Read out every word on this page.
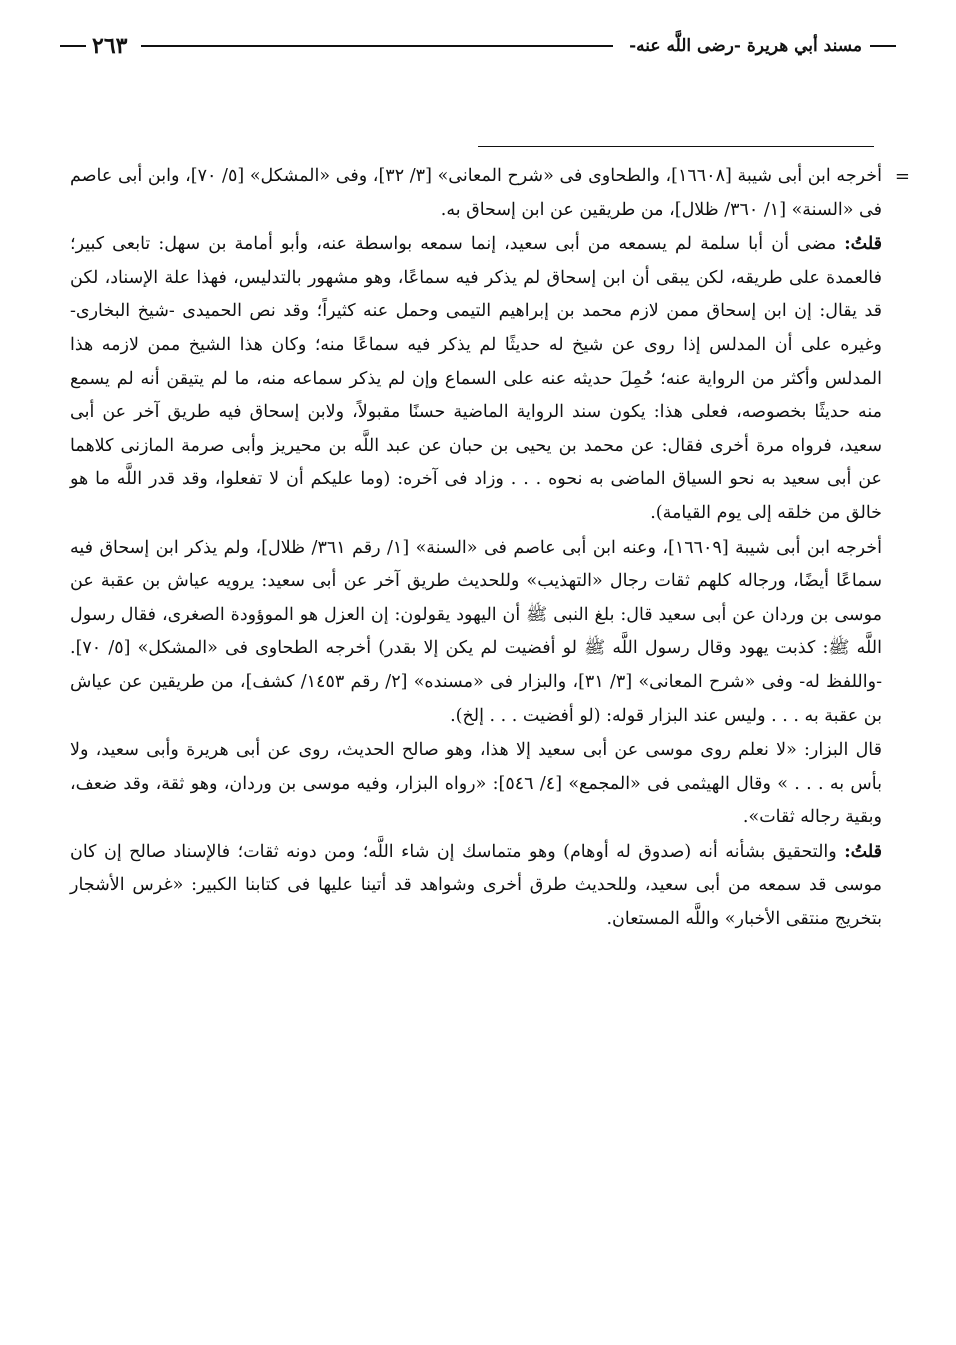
مسند أبي هريرة -رضى اللَّه عنه-
٢٦٣
=

أخرجه ابن أبى شيبة [١٦٦٠٨]، والطحاوى فى «شرح المعانى» [٣/ ٣٢]، وفى «المشكل» [٥/ ٧٠]، وابن أبى عاصم فى «السنة» [١/ ٣٦٠/ ظلال]، من طريقين عن ابن إسحاق به.

قلتُ: مضى أن أبا سلمة لم يسمعه من أبى سعيد، إنما سمعه بواسطة عنه، وأبو أمامة بن سهل: تابعى كبير؛ فالعمدة على طريقه، لكن يبقى أن ابن إسحاق لم يذكر فيه سماعًا، وهو مشهور بالتدليس، فهذا علة الإسناد، لكن قد يقال: إن ابن إسحاق ممن لازم محمد بن إبراهيم التيمى وحمل عنه كثيراً؛ وقد نص الحميدى -شيخ البخارى- وغيره على أن المدلس إذا روى عن شيخ له حديثًا لم يذكر فيه سماعًا منه؛ وكان هذا الشيخ ممن لازمه هذا المدلس وأكثر من الرواية عنه؛ حُمِلَ حديثه عنه على السماع وإن لم يذكر سماعه منه، ما لم يتيقن أنه لم يسمع منه حديثًا بخصوصه، فعلى هذا: يكون سند الرواية الماضية حسنًا مقبولاً، ولابن إسحاق فيه طريق آخر عن أبى سعيد، فرواه مرة أخرى فقال: عن محمد بن يحيى بن حبان عن عبد اللَّه بن محيريز وأبى صرمة المازنى كلاهما عن أبى سعيد به نحو السياق الماضى به نحوه . . . وزاد فى آخره: (وما عليكم أن لا تفعلوا، وقد قدر اللَّه ما هو خالق من خلقه إلى يوم القيامة).

أخرجه ابن أبى شيبة [١٦٦٠٩]، وعنه ابن أبى عاصم فى «السنة» [١/ رقم ٣٦١/ ظلال]، ولم يذكر ابن إسحاق فيه سماعًا أيضًا، ورجاله كلهم ثقات رجال «التهذيب» وللحديث طريق آخر عن أبى سعيد: يرويه عياش بن عقبة عن موسى بن وردان عن أبى سعيد قال: بلغ النبى ﷺ أن اليهود يقولون: إن العزل هو الموؤودة الصغرى، فقال رسول اللَّه ﷺ: كذبت يهود وقال رسول اللَّه ﷺ لو أفضيت لم يكن إلا بقدر) أخرجه الطحاوى فى «المشكل» [٥/ ٧٠]. -واللفظ له- وفى «شرح المعانى» [٣/ ٣١]، والبزار فى «مسنده» [٢/ رقم ١٤٥٣/ كشف]، من طريقين عن عياش بن عقبة به . . . وليس عند البزار قوله: (لو أفضيت . . . إلخ).

قال البزار: «لا نعلم روى موسى عن أبى سعيد إلا هذا، وهو صالح الحديث، روى عن أبى هريرة وأبى سعيد، ولا بأس به . . . » وقال الهيثمى فى «المجمع» [٤/ ٥٤٦]: «رواه البزار، وفيه موسى بن وردان، وهو ثقة، وقد ضعف، وبقية رجاله ثقات».

قلتُ: والتحقيق بشأنه أنه (صدوق له أوهام) وهو متماسك إن شاء اللَّه؛ ومن دونه ثقات؛ فالإسناد صالح إن كان موسى قد سمعه من أبى سعيد، وللحديث طرق أخرى وشواهد قد أتينا عليها فى كتابنا الكبير: «غرس الأشجار بتخريج منتقى الأخبار» واللَّه المستعان.
